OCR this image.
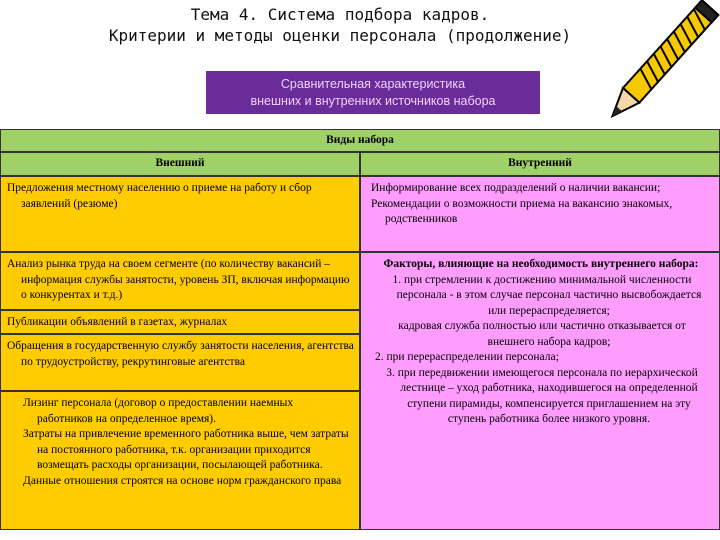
Тема 4. Система подбора кадров.
Критерии и методы оценки персонала (продолжение)
Сравнительная характеристика
внешних и внутренних источников набора
Виды набора
Внешний	Внутренний
Предложения местному населению о приеме на работу и сбор заявлений (резюме)
Анализ рынка труда на своем сегменте (по количеству вакансий – информация службы занятости, уровень ЗП, включая информацию о конкурентах и т.д.)
Публикации объявлений в газетах, журналах
Обращения в государственную службу занятости населения, агентства по трудоустройству, рекрутинговые агентства

Лизинг персонала (договор о предоставлении наемных работников на определенное время).

Затраты на привлечение временного работника выше, чем затраты на постоянного работника, т.к. организации приходится возмещать расходы организации, посылающей работника.

Данные отношения строятся на основе норм гражданского права

Информирование всех подразделений о наличии вакансии;

Рекомендации о возможности приема на вакансию знакомых, родственников

Факторы, влияющие на необходимость внутреннего набора:

1. при стремлении к достижению минимальной численности персонала - в этом случае персонал частично высвобождается или перераспределяется;

кадровая служба полностью или частично отказывается от внешнего набора кадров;

2. при перераспределении персонала;

3. при передвижении имеющегося персонала по иерархической лестнице – уход работника, находившегося на определенной ступени пирамиды, компенсируется приглашением на эту ступень работника более низкого уровня.
